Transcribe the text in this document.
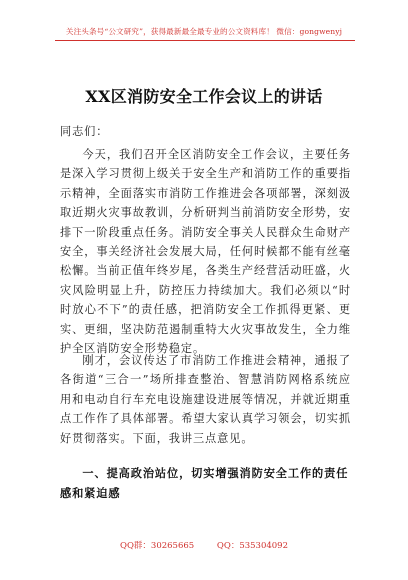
关注头条号“公文研究”，获得最新最全最专业的公文资料库！ 微信：gongwenyj
XX区消防安全工作会议上的讲话
同志们：

今天，我们召开全区消防安全工作会议，主要任务是深入学习贯彻上级关于安全生产和消防工作的重要指示精神，全面落实市消防工作推进会各项部署，深刻汲取近期火灾事故教训，分析研判当前消防安全形势，安排下一阶段重点任务。消防安全事关人民群众生命财产安全，事关经济社会发展大局，任何时候都不能有丝毫松懈。当前正值年终岁尾，各类生产经营活动旺盛，火灾风险明显上升，防控压力持续加大。我们必须以“时时放心不下”的责任感，把消防安全工作抓得更紧、更实、更细，坚决防范遏制重特大火灾事故发生，全力维护全区消防安全形势稳定。

刚才，会议传达了市消防工作推进会精神，通报了各街道“三合一”场所排查整治、智慧消防网格系统应用和电动自行车充电设施建设进展等情况，并就近期重点工作作了具体部署。希望大家认真学习领会，切实抓好贯彻落实。下面，我讲三点意见。

一、提高政治站位，切实增强消防安全工作的责任感和紧迫感
QQ群：30265665	QQ：535304092
